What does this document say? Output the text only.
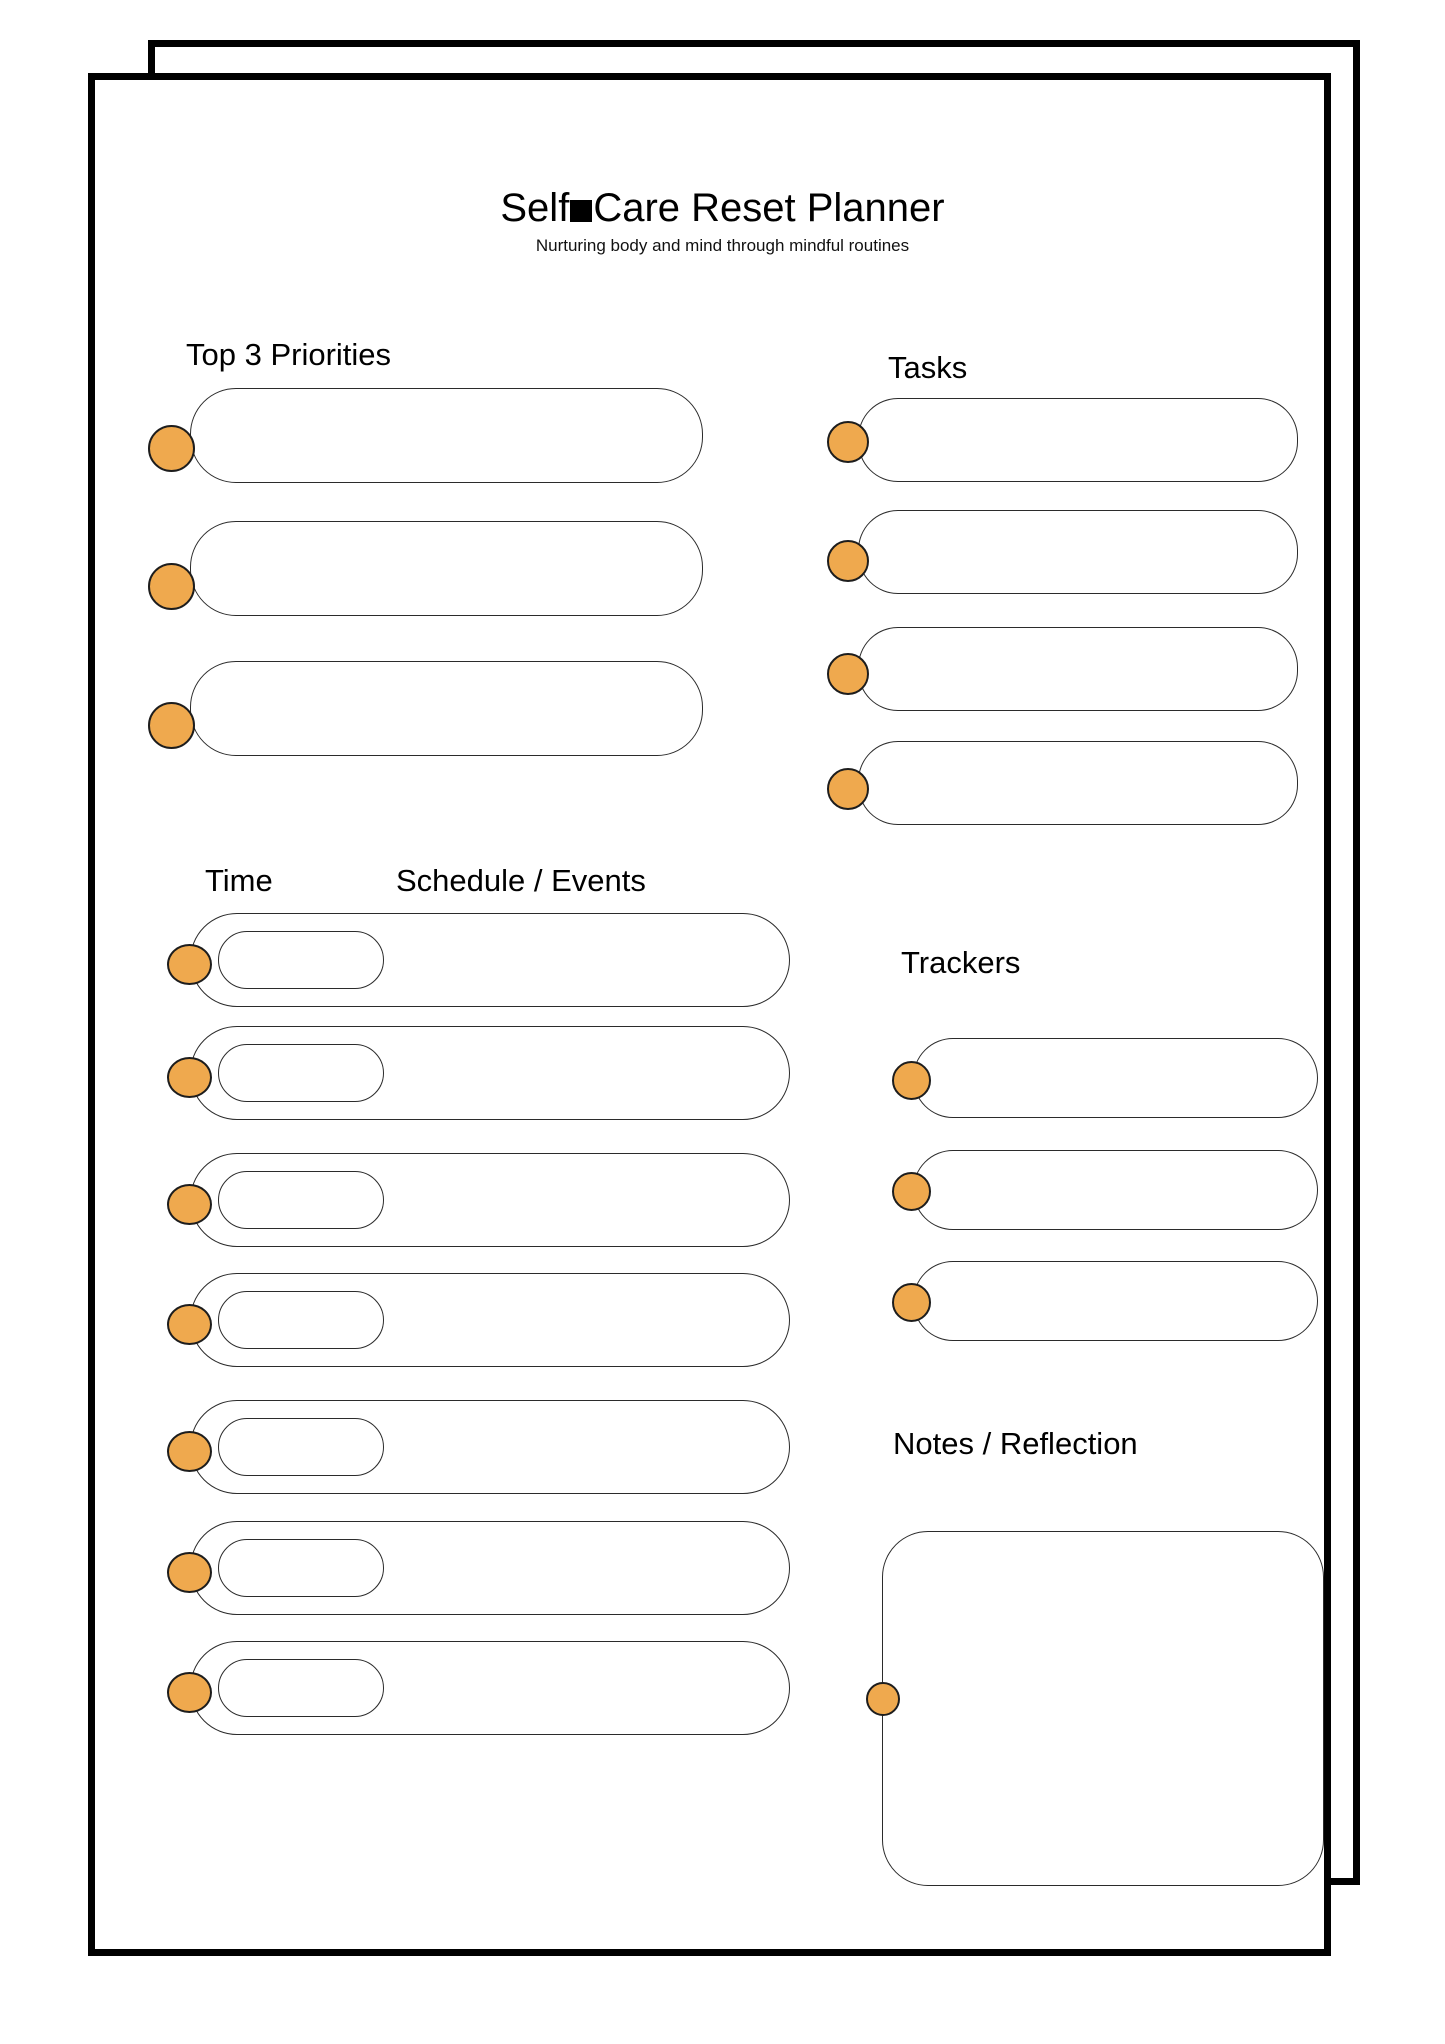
Self Care Reset Planner
Nurturing body and mind through mindful routines
Top 3 Priorities	Tasks
Time	Schedule / Events
Trackers
Notes / Reflection
